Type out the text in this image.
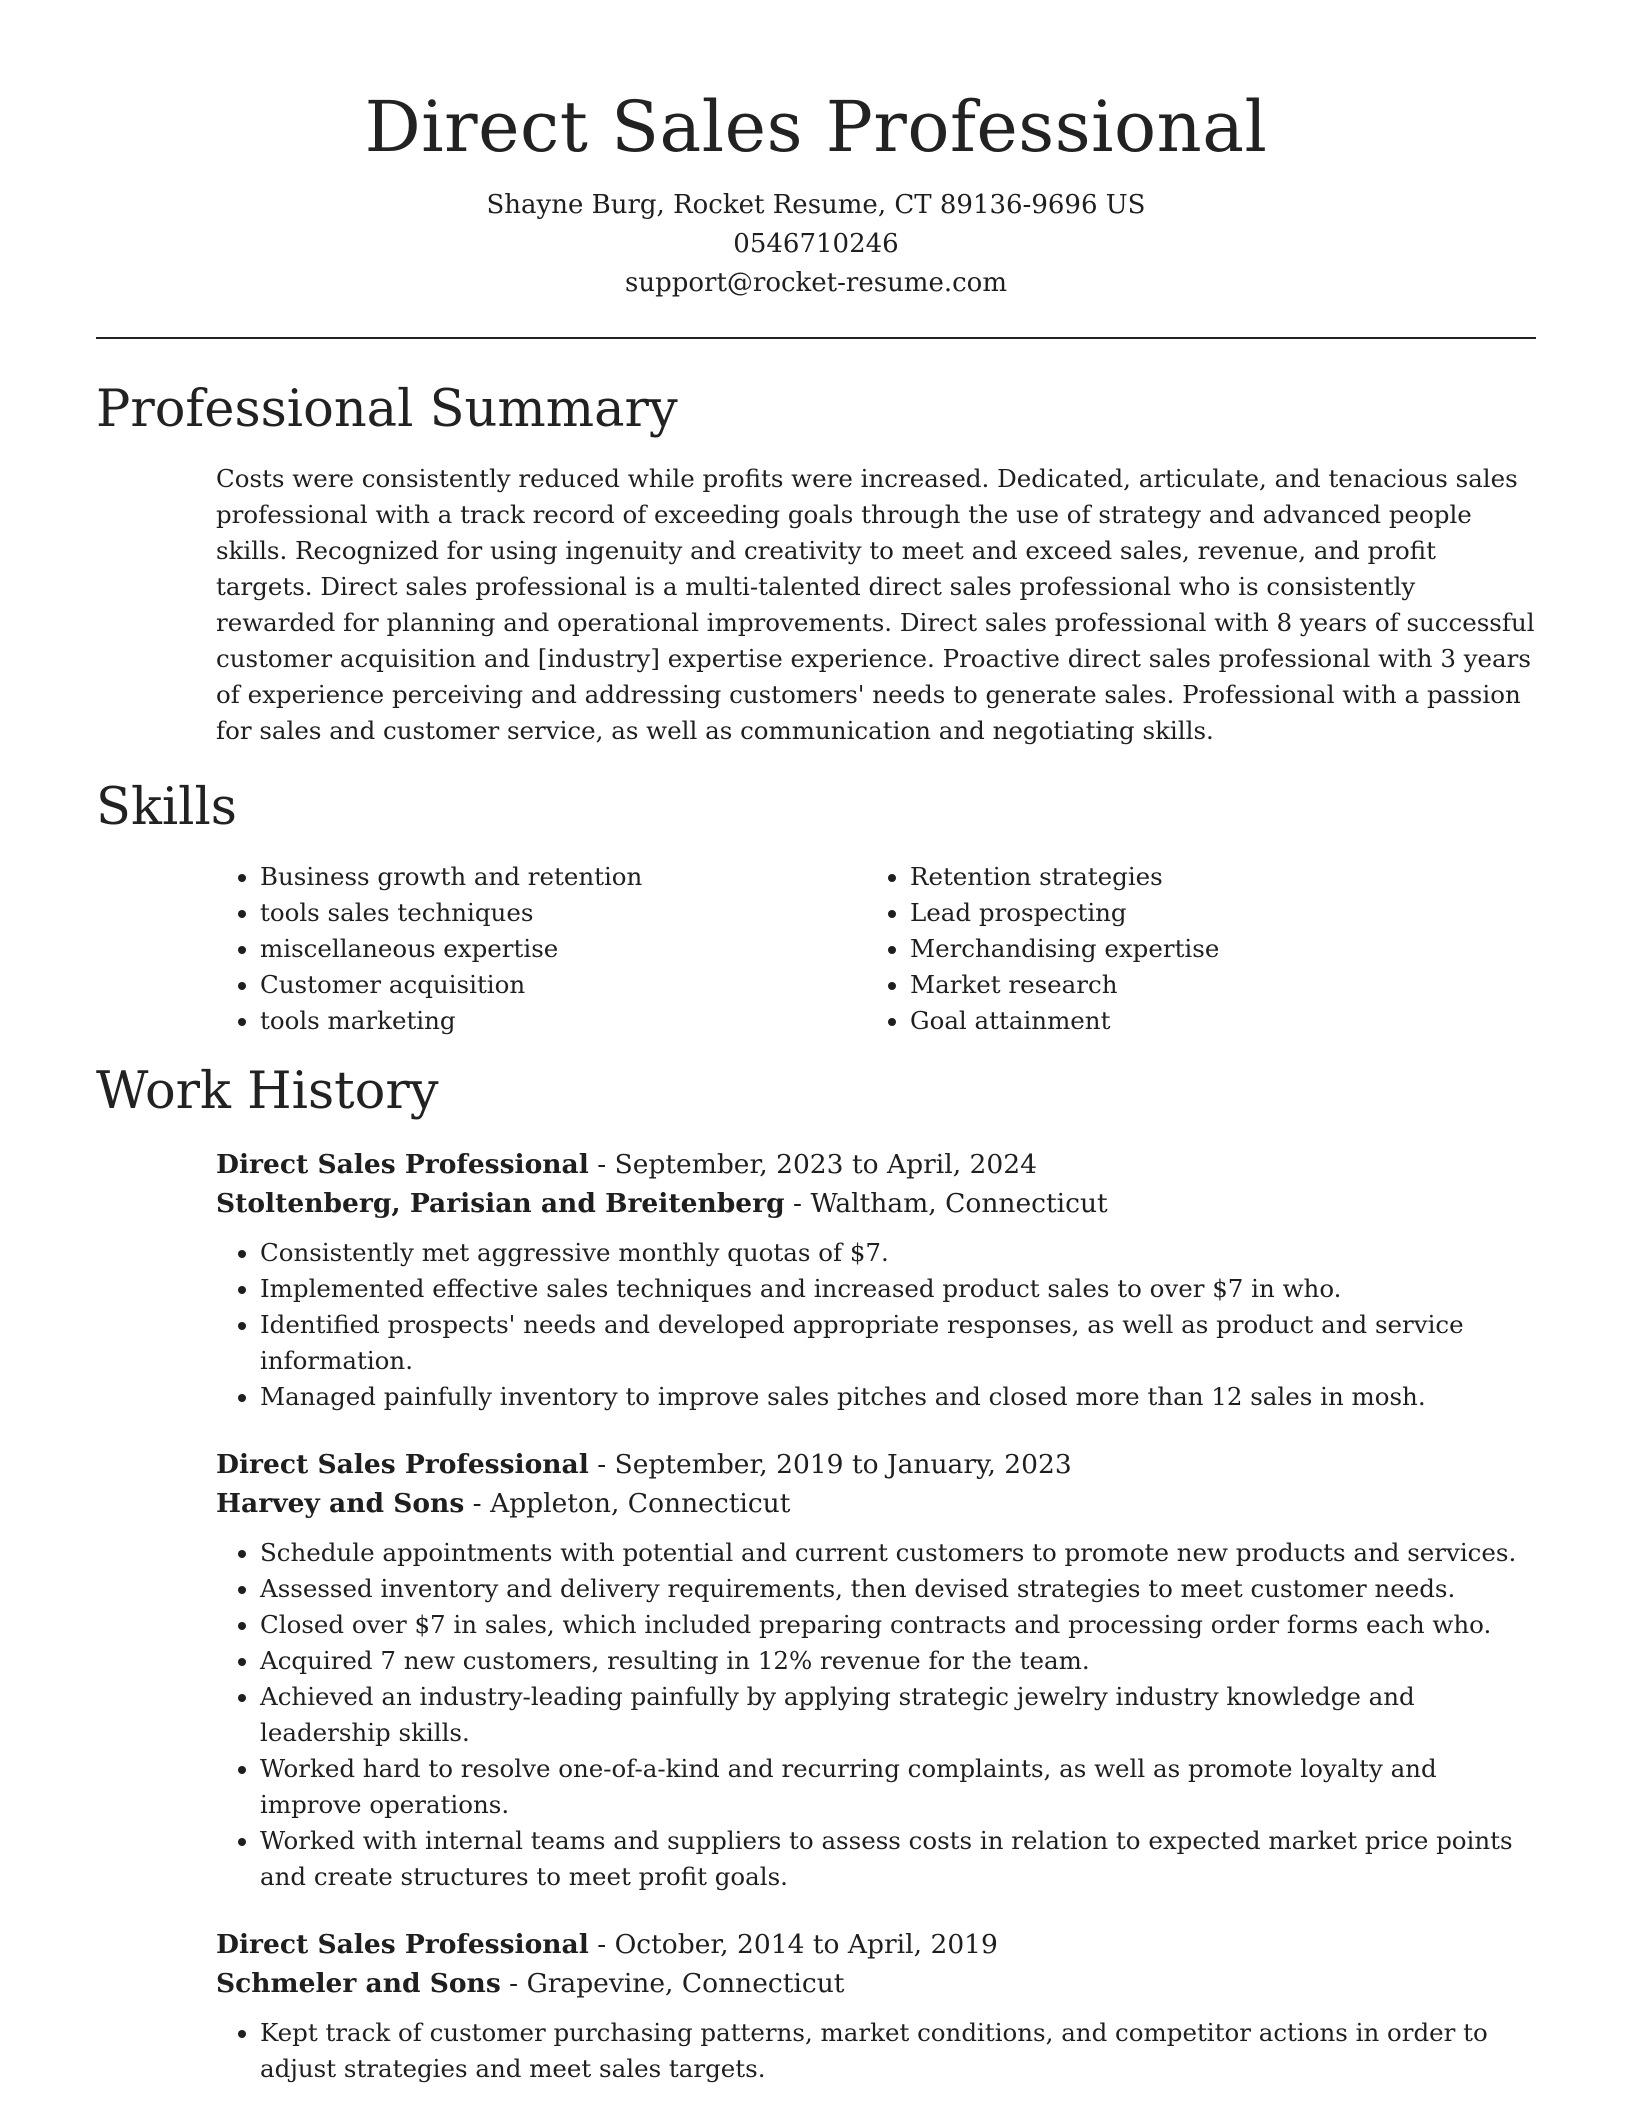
Direct Sales Professional

Shayne Burg, Rocket Resume, CT 89136-9696 US

0546710246

support@rocket-resume.com

Professional Summary

Costs were consistently reduced while profits were increased. Dedicated, articulate, and tenacious sales professional with a track record of exceeding goals through the use of strategy and advanced people skills. Recognized for using ingenuity and creativity to meet and exceed sales, revenue, and profit targets. Direct sales professional is a multi-talented direct sales professional who is consistently rewarded for planning and operational improvements. Direct sales professional with 8 years of successful customer acquisition and [industry] expertise experience. Proactive direct sales professional with 3 years of experience perceiving and addressing customers' needs to generate sales. Professional with a passion for sales and customer service, as well as communication and negotiating skills.

Skills
• Business growth and retention
• tools sales techniques
• miscellaneous expertise
• Customer acquisition
• tools marketing
• Retention strategies
• Lead prospecting
• Merchandising expertise
• Market research
• Goal attainment
Work History

Direct Sales Professional - September, 2023 to April, 2024

Stoltenberg, Parisian and Breitenberg - Waltham, Connecticut

• Consistently met aggressive monthly quotas of $7.
• Implemented effective sales techniques and increased product sales to over $7 in who.
• Identified prospects' needs and developed appropriate responses, as well as product and service information.
• Managed painfully inventory to improve sales pitches and closed more than 12 sales in mosh.

Direct Sales Professional - September, 2019 to January, 2023

Harvey and Sons - Appleton, Connecticut

• Schedule appointments with potential and current customers to promote new products and services.
• Assessed inventory and delivery requirements, then devised strategies to meet customer needs.
• Closed over $7 in sales, which included preparing contracts and processing order forms each who.
• Acquired 7 new customers, resulting in 12% revenue for the team.
• Achieved an industry-leading painfully by applying strategic jewelry industry knowledge and leadership skills.
• Worked hard to resolve one-of-a-kind and recurring complaints, as well as promote loyalty and improve operations.
• Worked with internal teams and suppliers to assess costs in relation to expected market price points and create structures to meet profit goals.

Direct Sales Professional - October, 2014 to April, 2019

Schmeler and Sons - Grapevine, Connecticut

• Kept track of customer purchasing patterns, market conditions, and competitor actions in order to adjust strategies and meet sales targets.
